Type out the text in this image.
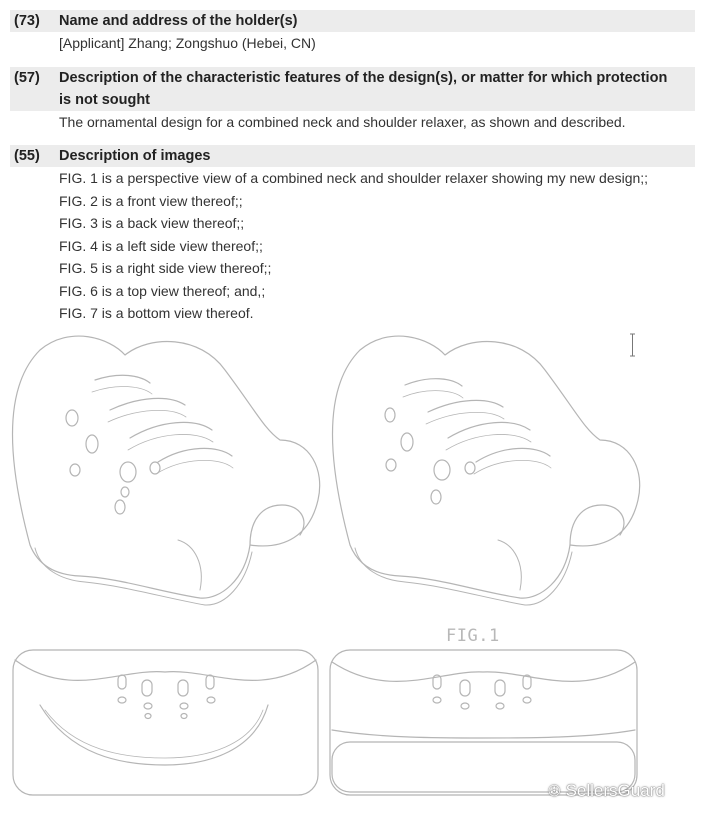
(73)	Name and address of the holder(s)
[Applicant] Zhang; Zongshuo (Hebei, CN)
(57)	Description of the characteristic features of the design(s), or matter for which protection
is not sought
The ornamental design for a combined neck and shoulder relaxer, as shown and described.
(55)	Description of images
FIG. 1 is a perspective view of a combined neck and shoulder relaxer showing my new design;;
FIG. 2 is a front view thereof;;
FIG. 3 is a back view thereof;;
FIG. 4 is a left side view thereof;;
FIG. 5 is a right side view thereof;;
FIG. 6 is a top view thereof; and,;
FIG. 7 is a bottom view thereof.
FIG.1
✇ SellersGuard
